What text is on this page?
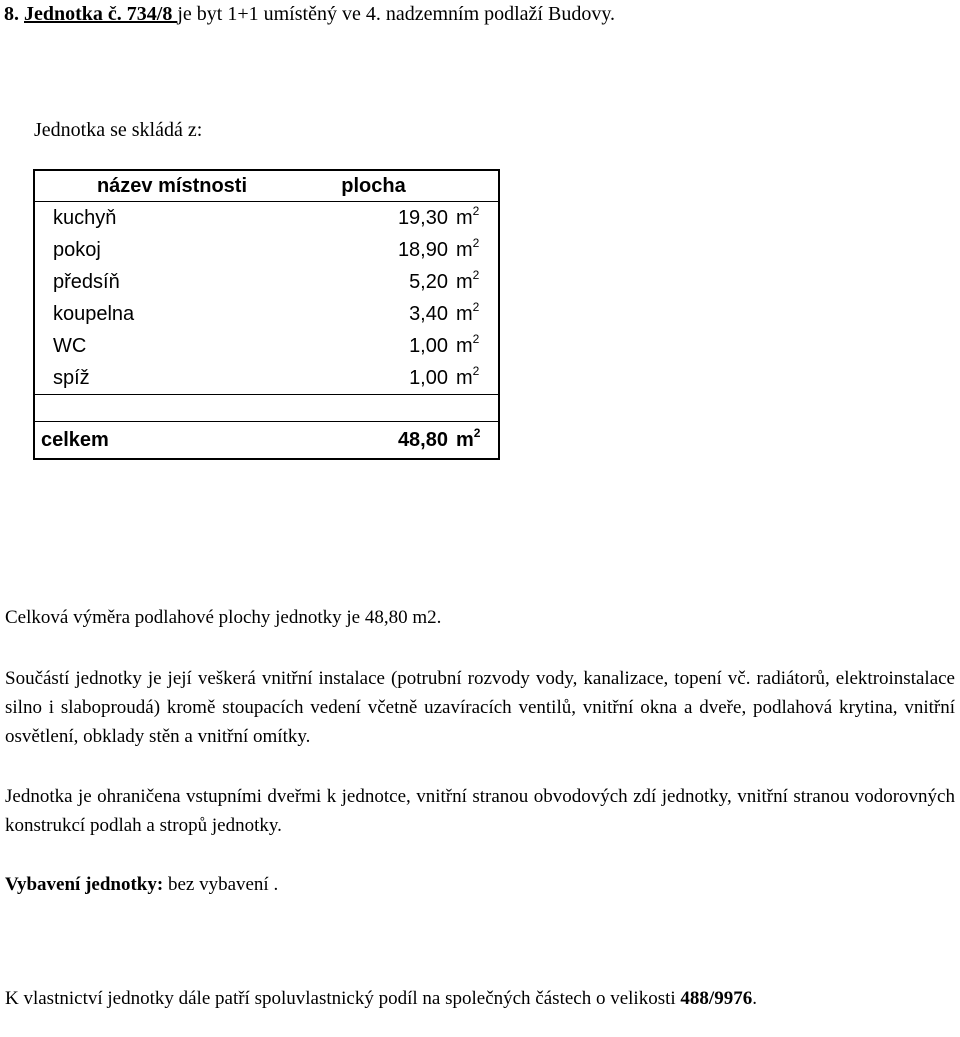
8. Jednotka č. 734/8 je byt 1+1 umístěný ve 4. nadzemním podlaží Budovy.
Jednotka se skládá z:
název místnosti	plocha
kuchyň	19,30 $m^2$
pokoj	18,90 $m^2$
předsíň	5,20 $m^2$
koupelna	3,40 $m^2$
WC	1,00 $m^2$
spíž	1,00 $m^2$

celkem	48,80 $m^2$
Celková výměra podlahové plochy jednotky je 48,80 m2.
Součástí jednotky je její veškerá vnitřní instalace (potrubní rozvody vody, kanalizace, topení vč. radiátorů, elektroinstalace silno i slaboproudá) kromě stoupacích vedení včetně uzavíracích ventilů, vnitřní okna a dveře, podlahová krytina, vnitřní osvětlení, obklady stěn a vnitřní omítky.
Jednotka je ohraničena vstupními dveřmi k jednotce, vnitřní stranou obvodových zdí jednotky, vnitřní stranou vodorovných konstrukcí podlah a stropů jednotky.
Vybavení jednotky: bez vybavení .
K vlastnictví jednotky dále patří spoluvlastnický podíl na společných částech o velikosti 488/9976.
